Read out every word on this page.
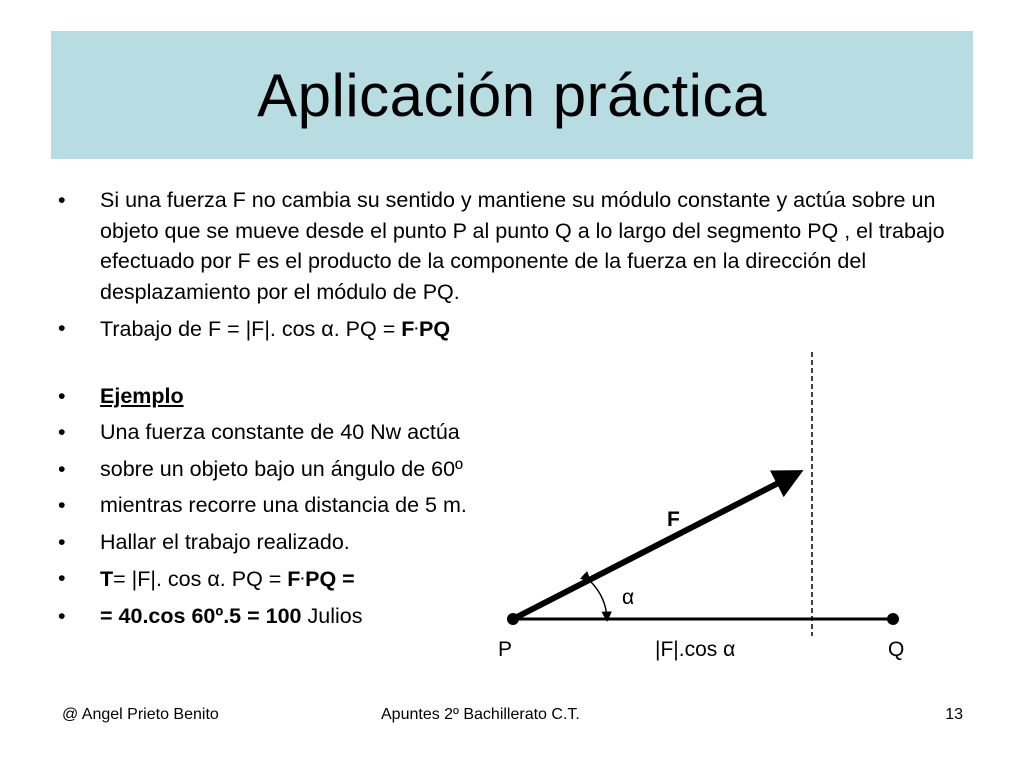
Aplicación práctica

• Si una fuerza F no cambia su sentido y mantiene su módulo constante y actúa sobre un objeto que se mueve desde el punto P al punto Q a lo largo del segmento PQ , el trabajo efectuado por F es el producto de la componente de la fuerza en la dirección del desplazamiento por el módulo de PQ.

• Trabajo de F = |F|. cos α. PQ = F·PQ

• Ejemplo

• Una fuerza constante de 40 Nw actúa

• sobre un objeto bajo un ángulo de 60º

• mientras recorre una distancia de 5 m.

• Hallar el trabajo realizado.

• T= |F|. cos α. PQ = F·PQ =

• = 40.cos 60º.5 = 100 Julios

F
α
P	|F|.cos α	Q
@ Angel Prieto Benito	Apuntes 2º Bachillerato C.T.	13
